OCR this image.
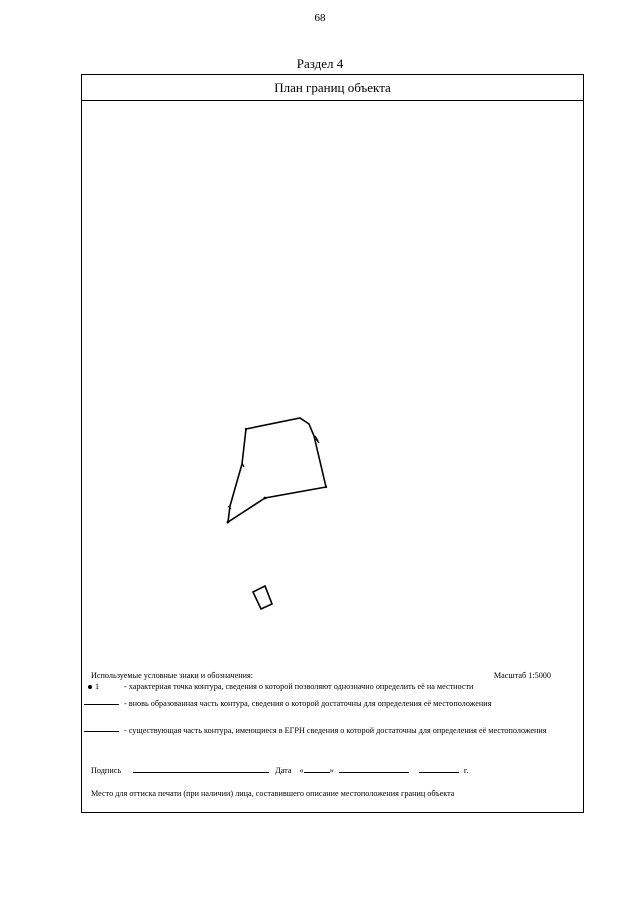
68
Раздел 4
План границ объекта
Используемые условные знаки и обозначения:	Масштаб 1:5000
1	- характерная точка контура, сведения о которой позволяют однозначно определить её на местности
- вновь образованная часть контура, сведения о которой достаточны для определения её местоположения
- существующая часть контура, имеющиеся в ЕГРН сведения о которой достаточны для определения её местоположения
Подпись	Дата «	»	г.
Место для оттиска печати (при наличии) лица, составившего описание местоположения границ объекта
